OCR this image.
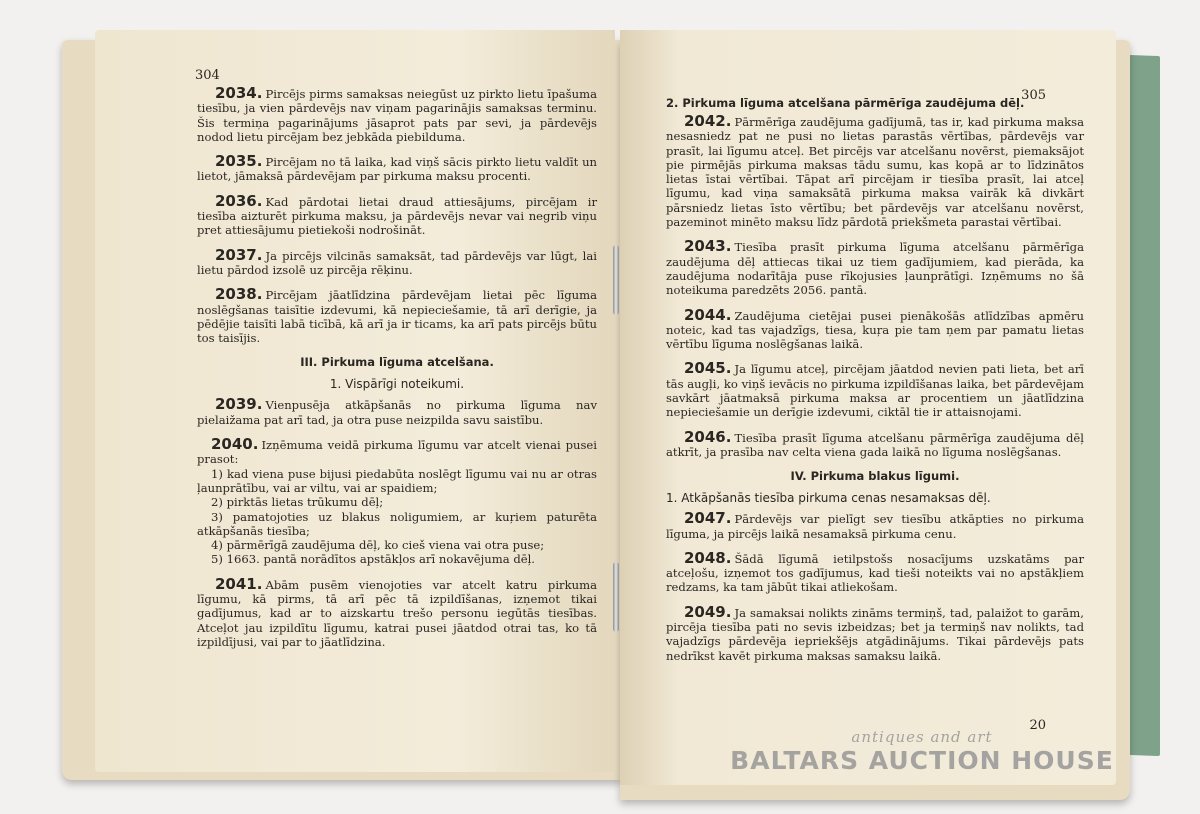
304

2034. Pircējs pirms samaksas neiegūst uz pirkto lietu īpašuma tiesību, ja vien pārdevējs nav viņam pagarinājis samaksas terminu. Šis termiņa pagarinājums jāsaprot pats par sevi, ja pārdevējs nodod lietu pircējam bez jebkāda piebilduma.

2035. Pircējam no tā laika, kad viņš sācis pirkto lietu valdīt un lietot, jāmaksā pārdevējam par pirkuma maksu procenti.

2036. Kad pārdotai lietai draud attiesājums, pircējam ir tiesība aizturēt pirkuma maksu, ja pārdevējs nevar vai negrib viņu pret attiesājumu pietiekoši nodrošināt.

2037. Ja pircējs vilcinās samaksāt, tad pārdevējs var lūgt, lai lietu pārdod izsolē uz pircēja rēķinu.

2038. Pircējam jāatlīdzina pārdevējam lietai pēc līguma noslēgšanas taisītie izdevumi, kā nepieciešamie, tā arī derīgie, ja pēdējie taisīti labā ticībā, kā arī ja ir ticams, ka arī pats pircējs būtu tos taisījis.

III. Pirkuma līguma atcelšana.
1. Vispārīgi noteikumi.

2039. Vienpusēja atkāpšanās no pirkuma līguma nav pielaižama pat arī tad, ja otra puse neizpilda savu saistību.

2040. Izņēmuma veidā pirkuma līgumu var atcelt vienai pusei prasot:

1) kad viena puse bijusi piedabūta noslēgt līgumu vai nu ar otras ļaunprātību, vai ar viltu, vai ar spaidiem;

2) pirktās lietas trūkumu dēļ;

3) pamatojoties uz blakus noligumiem, ar kuŗiem paturēta atkāpšanās tiesība;

4) pārmērīgā zaudējuma dēļ, ko cieš viena vai otra puse;

5) 1663. pantā norādītos apstākļos arī nokavējuma dēļ.

2041. Abām pusēm vienojoties var atcelt katru pirkuma līgumu, kā pirms, tā arī pēc tā izpildīšanas, izņemot tikai gadījumus, kad ar to aizskartu trešo personu iegūtās tiesības. Atceļot jau izpildītu līgumu, katrai pusei jāatdod otrai tas, ko tā izpildījusi, vai par to jāatlīdzina.

305
2. Pirkuma līguma atcelšana pārmērīga zaudējuma dēļ.

2042. Pārmērīga zaudējuma gadījumā, tas ir, kad pirkuma maksa nesasniedz pat ne pusi no lietas parastās vērtības, pārdevējs var prasīt, lai līgumu atceļ. Bet pircējs var atcelšanu novērst, piemaksājot pie pirmējās pirkuma maksas tādu sumu, kas kopā ar to līdzinātos lietas īstai vērtībai. Tāpat arī pircējam ir tiesība prasīt, lai atceļ līgumu, kad viņa samaksātā pirkuma maksa vairāk kā divkārt pārsniedz lietas īsto vērtību; bet pārdevējs var atcelšanu novērst, pazeminot minēto maksu līdz pārdotā priekšmeta parastai vērtībai.

2043. Tiesība prasīt pirkuma līguma atcelšanu pārmērīga zaudējuma dēļ attiecas tikai uz tiem gadījumiem, kad pierāda, ka zaudējuma nodarītāja puse rīkojusies ļaunprātīgi. Izņēmums no šā noteikuma paredzēts 2056. pantā.

2044. Zaudējuma cietējai pusei pienākošās atlīdzības apmēru noteic, kad tas vajadzīgs, tiesa, kuŗa pie tam ņem par pamatu lietas vērtību līguma noslēgšanas laikā.

2045. Ja līgumu atceļ, pircējam jāatdod nevien pati lieta, bet arī tās augļi, ko viņš ievācis no pirkuma izpildīšanas laika, bet pārdevējam savkārt jāatmaksā pirkuma maksa ar procentiem un jāatlīdzina nepieciešamie un derīgie izdevumi, ciktāl tie ir attaisnojami.

2046. Tiesība prasīt līguma atcelšanu pārmērīga zaudējuma dēļ atkrīt, ja prasība nav celta viena gada laikā no līguma noslēgšanas.

IV. Pirkuma blakus līgumi.
1. Atkāpšanās tiesība pirkuma cenas nesamaksas dēļ.

2047. Pārdevējs var pielīgt sev tiesību atkāpties no pirkuma līguma, ja pircējs laikā nesamaksā pirkuma cenu.

2048. Šādā līgumā ietilpstošs nosacījums uzskatāms par atceļošu, izņemot tos gadījumus, kad tieši noteikts vai no apstākļiem redzams, ka tam jābūt tikai atliekošam.

2049. Ja samaksai nolikts zināms termiņš, tad, palaižot to garām, pircēja tiesība pati no sevis izbeidzas; bet ja termiņš nav nolikts, tad vajadzīgs pārdevēja iepriekšējs atgādinājums. Tikai pārdevējs pats nedrīkst kavēt pirkuma maksas samaksu laikā.

20
antiques and art
BALTARS AUCTION HOUSE
